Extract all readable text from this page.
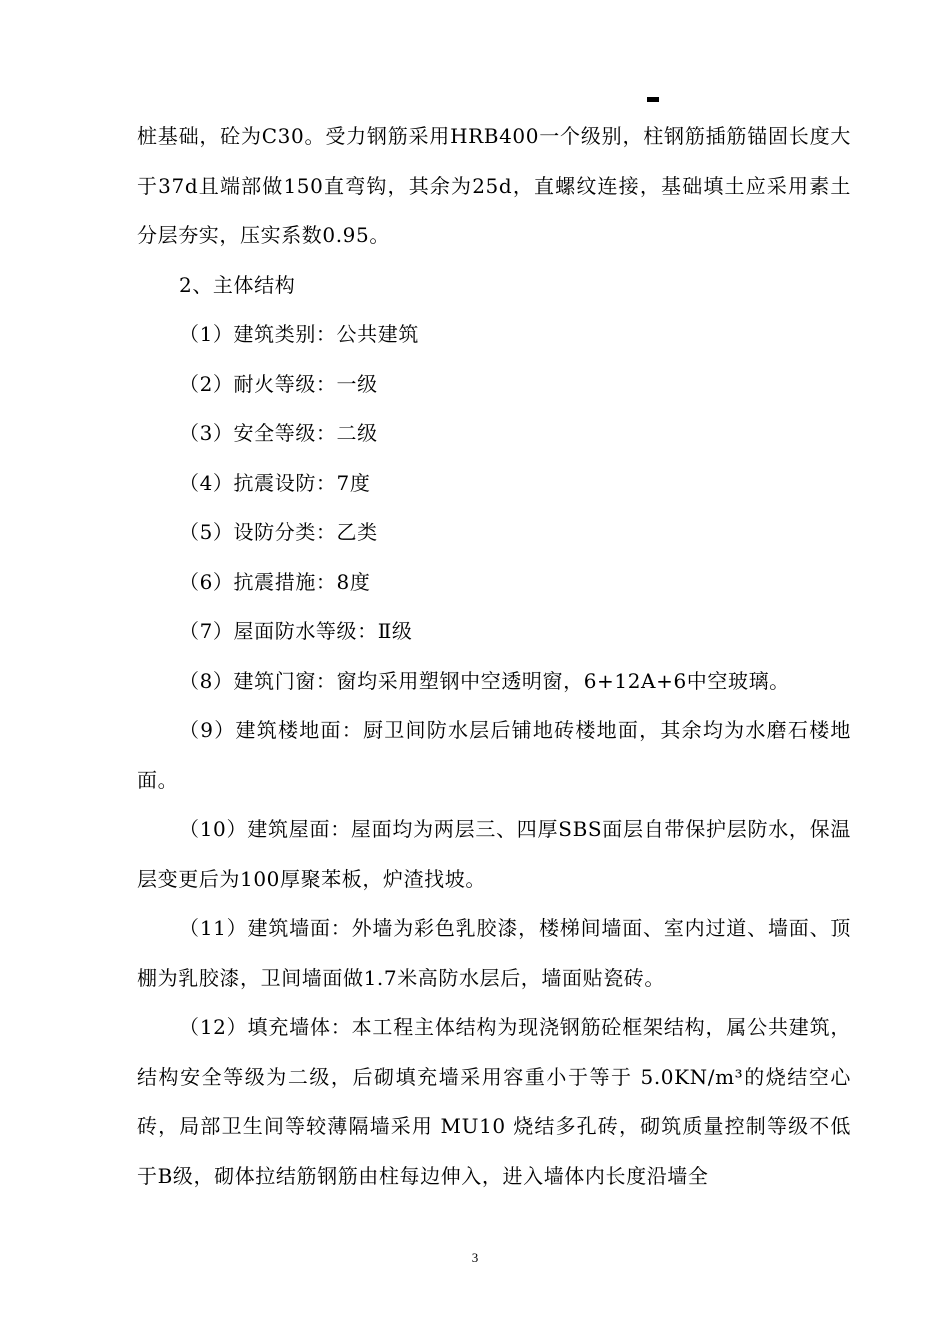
桩基础，砼为C30。受力钢筋采用HRB400一个级别，柱钢筋插筋锚固长度大于37d且端部做150直弯钩，其余为25d，直螺纹连接，基础填土应采用素土分层夯实，压实系数0.95。

2、主体结构

（1）建筑类别：公共建筑

（2）耐火等级：一级

（3）安全等级：二级

（4）抗震设防：7度

（5）设防分类：乙类

（6）抗震措施：8度

（7）屋面防水等级：Ⅱ级

（8）建筑门窗：窗均采用塑钢中空透明窗，6+12A+6中空玻璃。

（9）建筑楼地面：厨卫间防水层后铺地砖楼地面，其余均为水磨石楼地面。

（10）建筑屋面：屋面均为两层三、四厚SBS面层自带保护层防水，保温层变更后为100厚聚苯板，炉渣找坡。

（11）建筑墙面：外墙为彩色乳胶漆，楼梯间墙面、室内过道、墙面、顶棚为乳胶漆，卫间墙面做1.7米高防水层后，墙面贴瓷砖。

（12）填充墙体：本工程主体结构为现浇钢筋砼框架结构，属公共建筑，结构安全等级为二级，后砌填充墙采用容重小于等于 5.0KN/m³的烧结空心砖，局部卫生间等较薄隔墙采用 MU10 烧结多孔砖，砌筑质量控制等级不低于B级，砌体拉结筋钢筋由柱每边伸入，进入墙体内长度沿墙全

3
